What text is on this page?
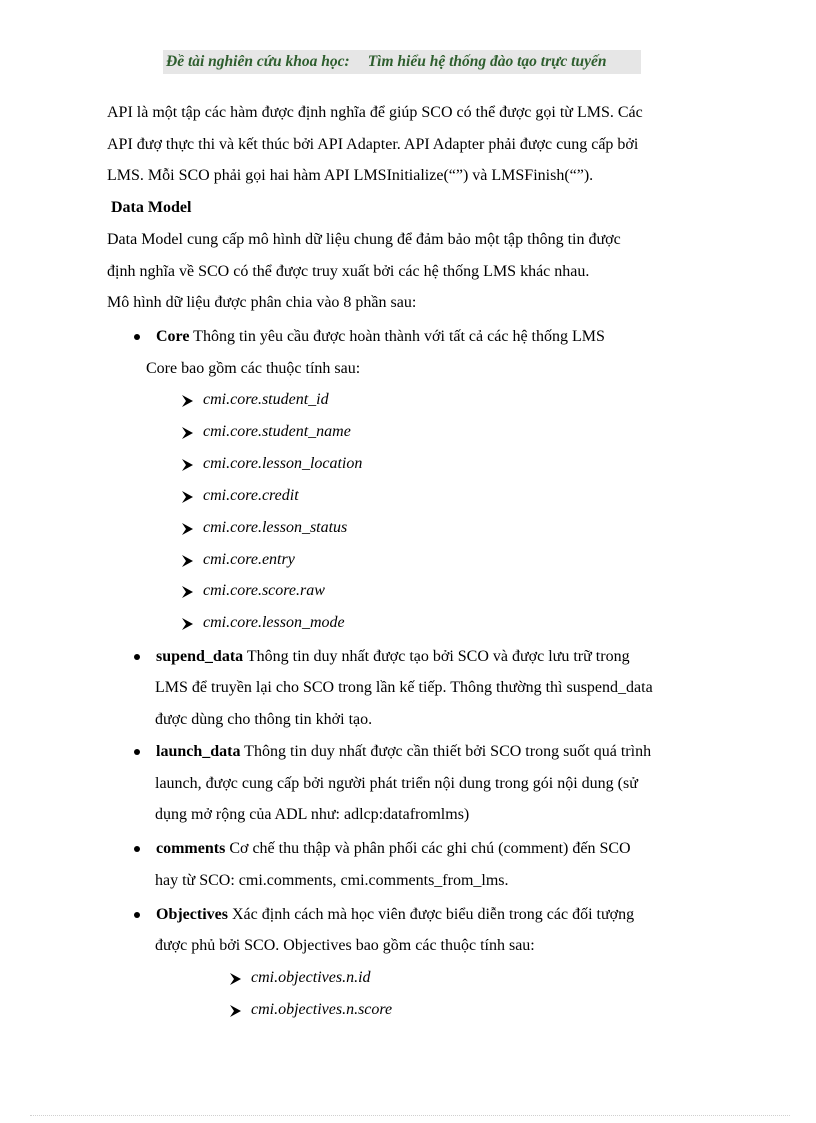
Đề tài nghiên cứu khoa học: Tìm hiểu hệ thống đào tạo trực tuyến
API là một tập các hàm được định nghĩa để giúp SCO có thể được gọi từ LMS. Các
API đượ thực thi và kết thúc bởi API Adapter. API Adapter phải được cung cấp bởi
LMS. Mỗi SCO phải gọi hai hàm API LMSInitialize(“”) và LMSFinish(“”).
Data Model
Data Model cung cấp mô hình dữ liệu chung để đảm bảo một tập thông tin được
định nghĩa về SCO có thể được truy xuất bởi các hệ thống LMS khác nhau.
Mô hình dữ liệu được phân chia vào 8 phần sau:
Core Thông tin yêu cầu được hoàn thành với tất cả các hệ thống LMS
Core bao gồm các thuộc tính sau:
cmi.core.student_id
cmi.core.student_name
cmi.core.lesson_location
cmi.core.credit
cmi.core.lesson_status
cmi.core.entry
cmi.core.score.raw
cmi.core.lesson_mode
supend_data Thông tin duy nhất được tạo bởi SCO và được lưu trữ trong
LMS để truyền lại cho SCO trong lần kế tiếp. Thông thường thì suspend_data
được dùng cho thông tin khởi tạo.
launch_data Thông tin duy nhất được cần thiết bởi SCO trong suốt quá trình
launch, được cung cấp bởi người phát triển nội dung trong gói nội dung (sử
dụng mở rộng của ADL như: adlcp:datafromlms)
comments Cơ chế thu thập và phân phối các ghi chú (comment) đến SCO
hay từ SCO: cmi.comments, cmi.comments_from_lms.
Objectives Xác định cách mà học viên được biểu diễn trong các đối tượng
được phủ bởi SCO. Objectives bao gồm các thuộc tính sau:
cmi.objectives.n.id
cmi.objectives.n.score
